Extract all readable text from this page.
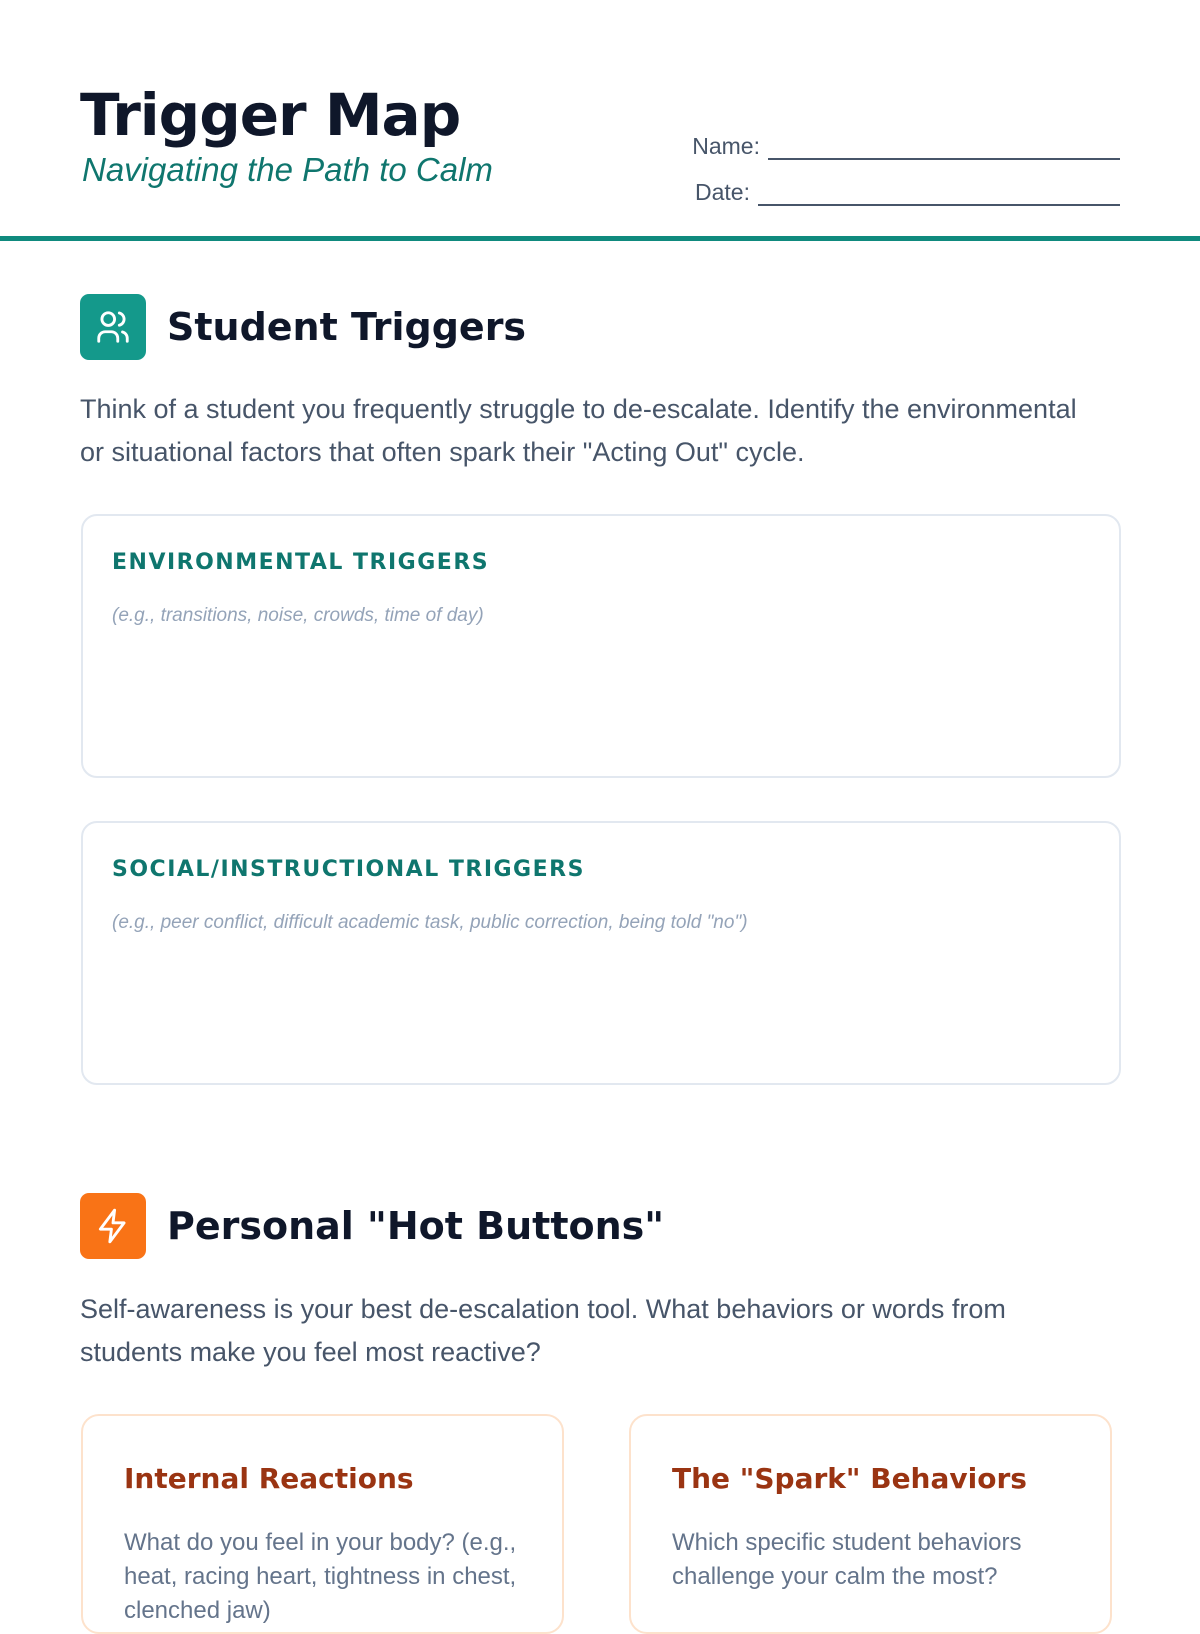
Trigger Map
Navigating the Path to Calm
Name:
Date:
Student Triggers
Think of a student you frequently struggle to de-escalate. Identify the environmental or situational factors that often spark their "Acting Out" cycle.
ENVIRONMENTAL TRIGGERS
(e.g., transitions, noise, crowds, time of day)
SOCIAL/INSTRUCTIONAL TRIGGERS
(e.g., peer conflict, difficult academic task, public correction, being told "no")
Personal "Hot Buttons"
Self-awareness is your best de-escalation tool. What behaviors or words from students make you feel most reactive?
Internal Reactions
What do you feel in your body? (e.g., heat, racing heart, tightness in chest, clenched jaw)
The "Spark" Behaviors
Which specific student behaviors challenge your calm the most?
